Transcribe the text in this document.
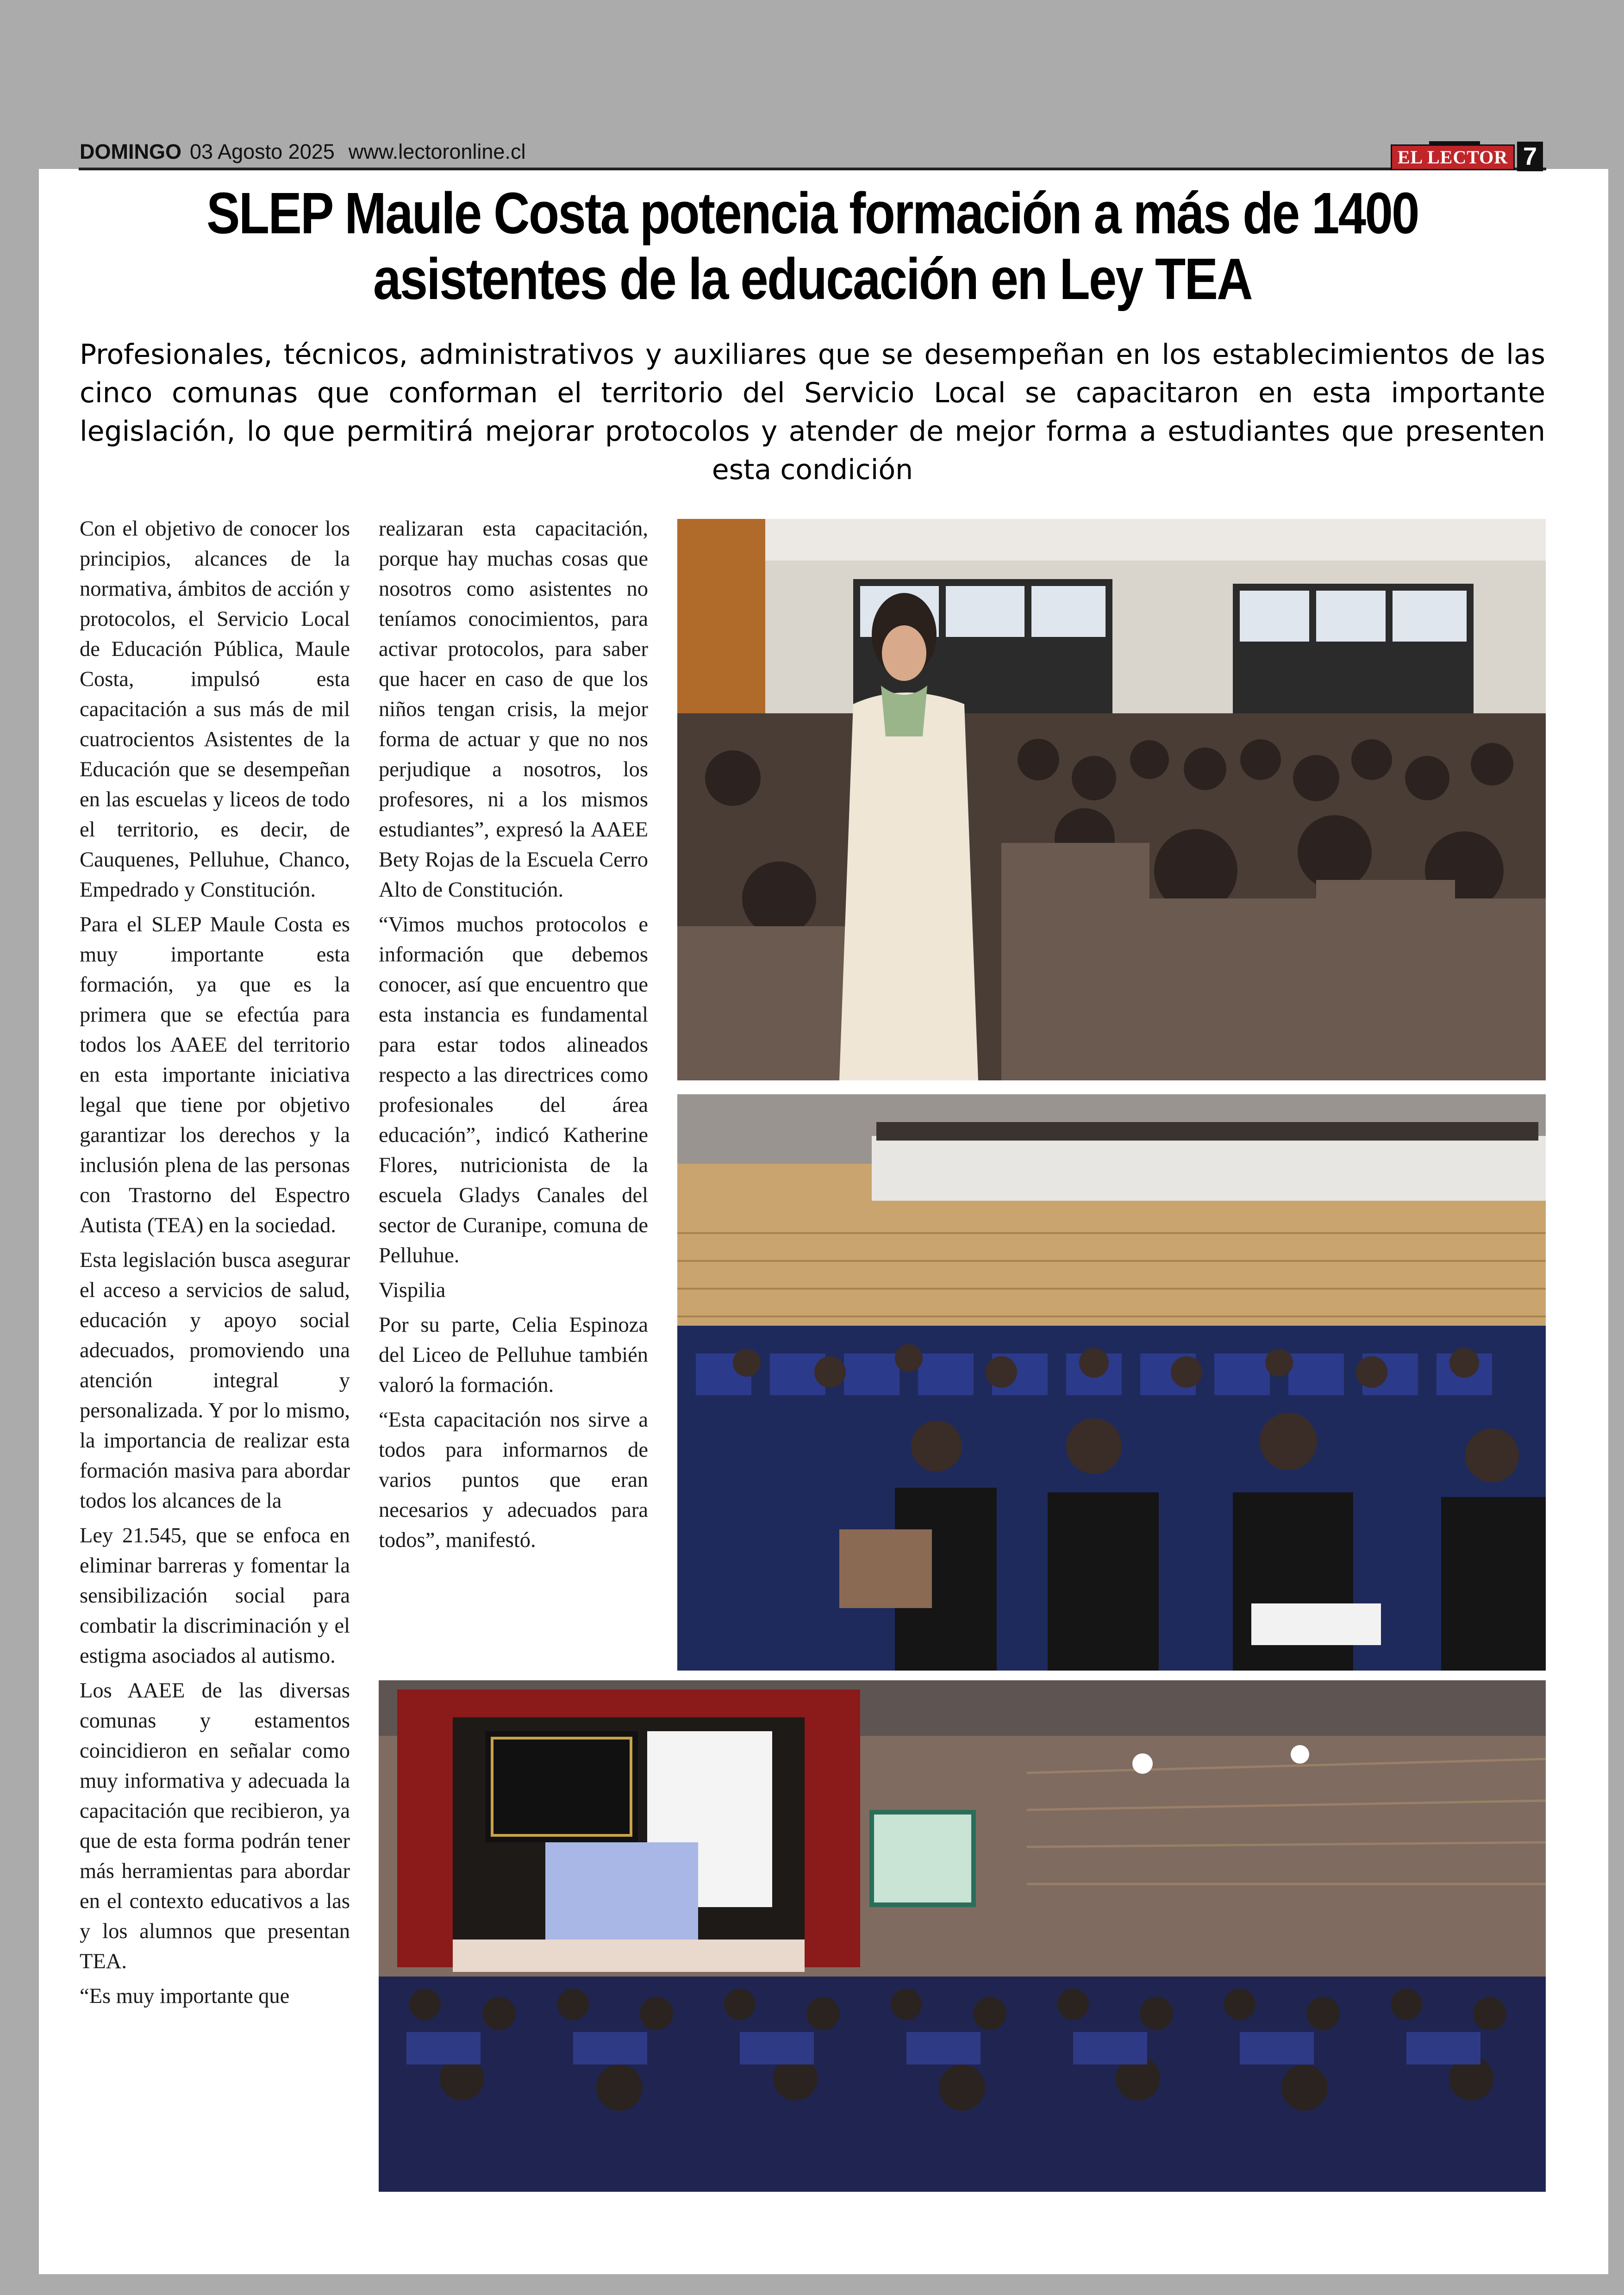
DOMINGO 03 Agosto 2025 www.lectoronline.cl	EL LECTOR 7
SLEP Maule Costa potencia formación a más de 1400
asistentes de la educación en Ley TEA
Profesionales, técnicos, administrativos y auxiliares que se desempeñan en los establecimientos de las cinco comunas que conforman el territorio del Servicio Local se capacitaron en esta importante legislación, lo que permitirá mejorar protocolos y atender de mejor forma a estudiantes que presenten esta condición

Con el objetivo de conocer los principios, alcances de la normativa, ámbitos de acción y protocolos, el Servicio Local de Educación Pública, Maule Costa, impulsó esta capacitación a sus más de mil cuatrocientos Asistentes de la Educación que se desempeñan en las escuelas y liceos de todo el territorio, es decir, de Cauquenes, Pelluhue, Chanco, Empedrado y Constitución.

Para el SLEP Maule Costa es muy importante esta formación, ya que es la primera que se efectúa para todos los AAEE del territorio en esta importante iniciativa legal que tiene por objetivo garantizar los derechos y la inclusión plena de las personas con Trastorno del Espectro Autista (TEA) en la sociedad.

Esta legislación busca asegurar el acceso a servicios de salud, educación y apoyo social adecuados, promoviendo una atención integral y personalizada. Y por lo mismo, la importancia de realizar esta formación masiva para abordar todos los alcances de la

Ley 21.545, que se enfoca en eliminar barreras y fomentar la sensibilización social para combatir la discriminación y el estigma asociados al autismo.

Los AAEE de las diversas comunas y estamentos coincidieron en señalar como muy informativa y adecuada la capacitación que recibieron, ya que de esta forma podrán tener más herramientas para abordar en el contexto educativos a las y los alumnos que presentan TEA.

“Es muy importante que

realizaran esta capacitación, porque hay muchas cosas que nosotros como asistentes no teníamos conocimientos, para activar protocolos, para saber que hacer en caso de que los niños tengan crisis, la mejor forma de actuar y que no nos perjudique a nosotros, los profesores, ni a los mismos estudiantes”, expresó la AAEE Bety Rojas de la Escuela Cerro Alto de Constitución.

“Vimos muchos protocolos e información que debemos conocer, así que encuentro que esta instancia es fundamental para estar todos alineados respecto a las directrices como profesionales del área educación”, indicó Katherine Flores, nutricionista de la escuela Gladys Canales del sector de Curanipe, comuna de Pelluhue.

Vispilia

Por su parte, Celia Espinoza del Liceo de Pelluhue también valoró la formación.

“Esta capacitación nos sirve a todos para informarnos de varios puntos que eran necesarios y adecuados para todos”, manifestó.
